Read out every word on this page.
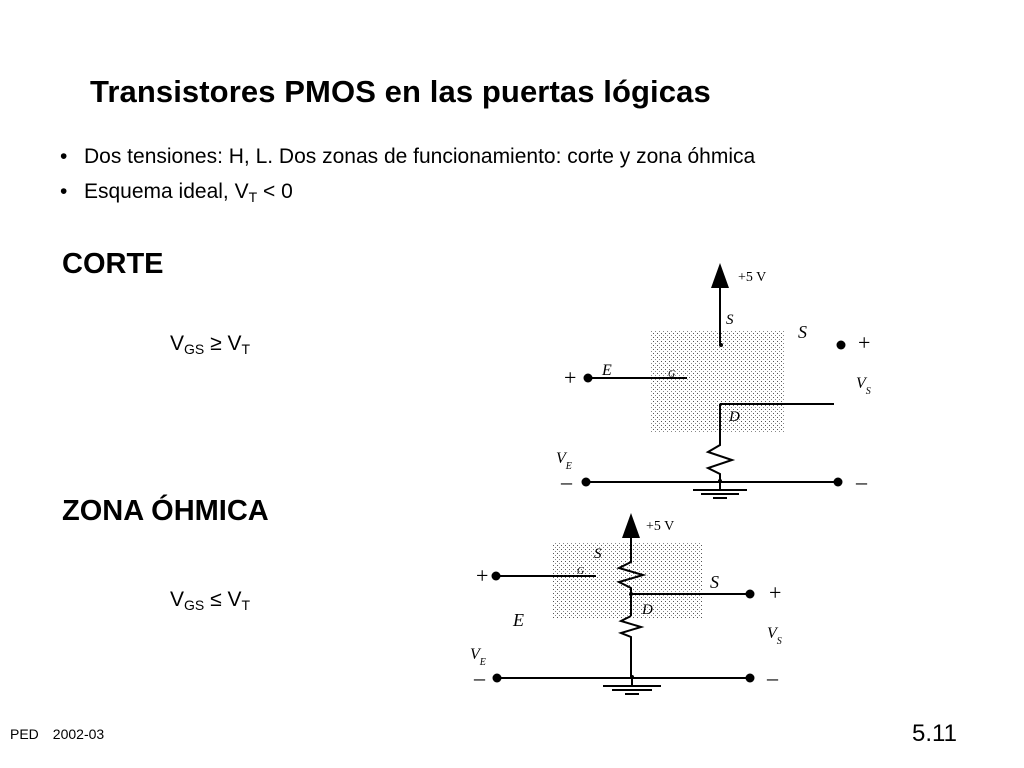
Transistores PMOS en las puertas lógicas
• Dos tensiones: H, L. Dos zonas de funcionamiento: corte y zona óhmica
• Esquema ideal, $V_T < 0$
CORTE
$V_{GS} \ge V_T$
ZONA ÓHMICA
$V_{GS} \le V_T$
+5 V
S
S +
+ E	G
$V_S$
D
$V_E$
–	–
+5 V
S
+	G
S +
D
E
$V_S$
$V_E$
–	–
PED 2002-03	5.11
